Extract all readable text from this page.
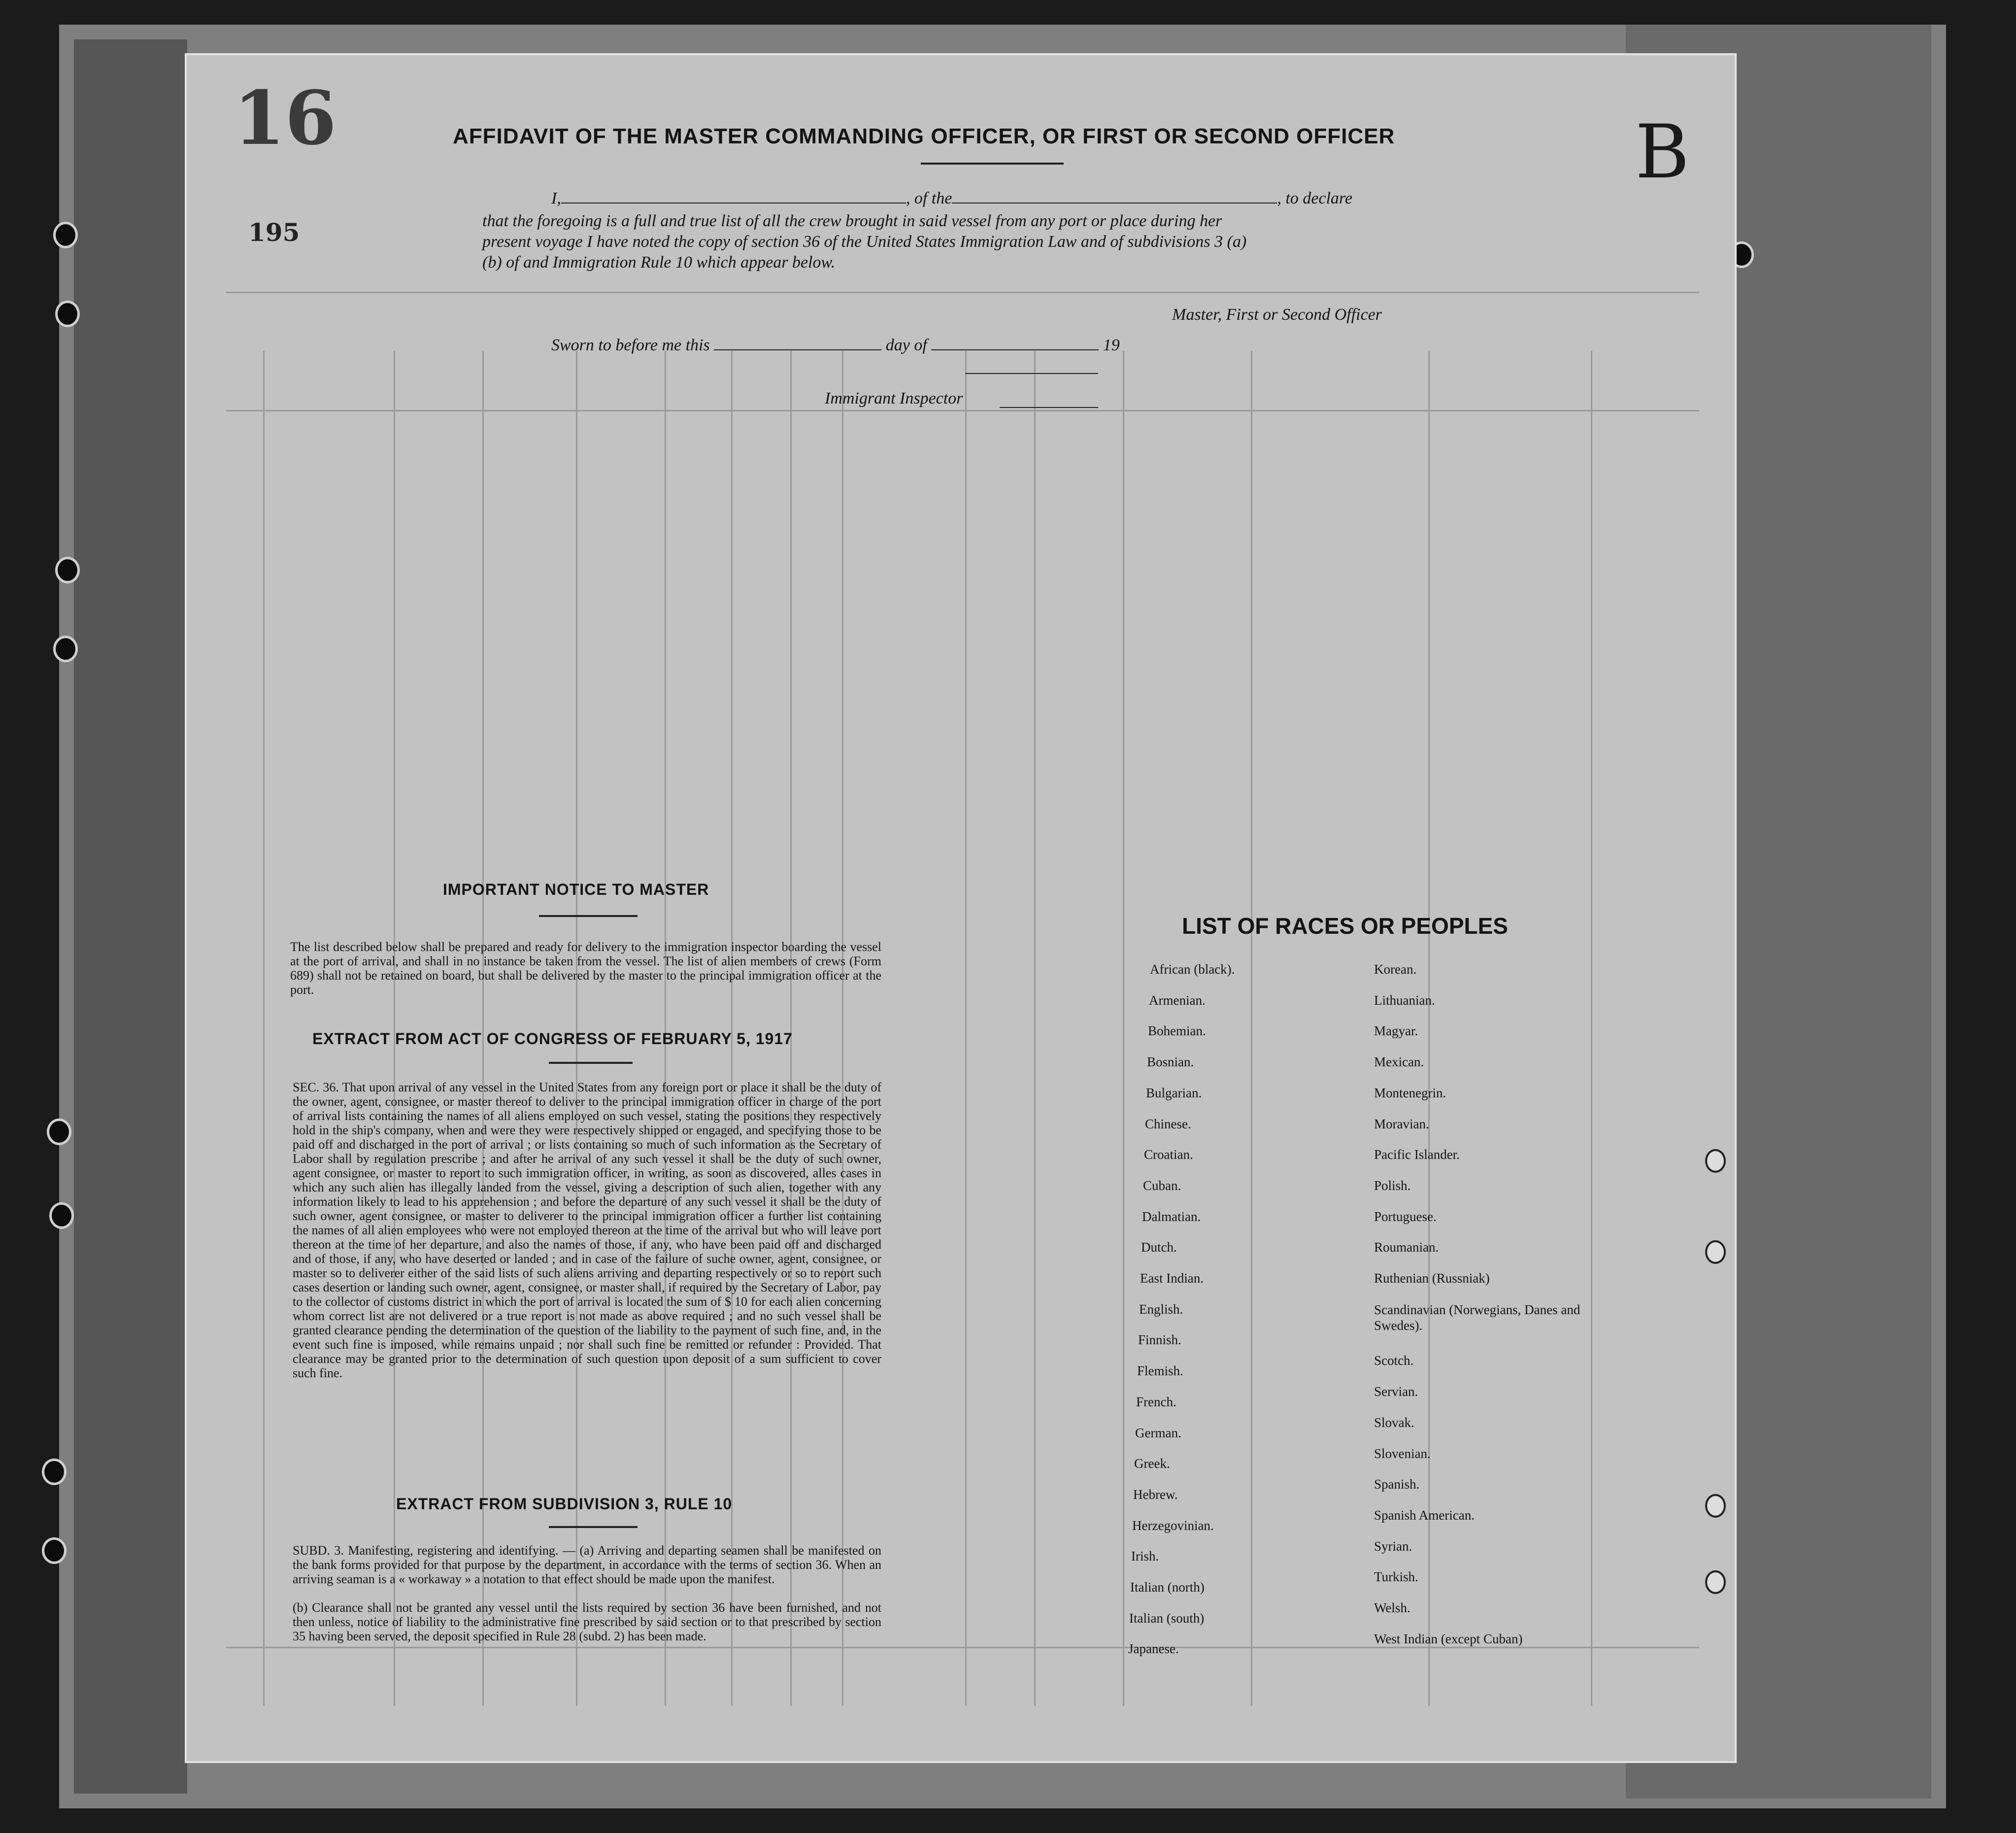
16
195
B
AFFIDAVIT OF THE MASTER COMMANDING OFFICER, OR FIRST OR SECOND OFFICER
I,	, of the	, to declare
that the foregoing is a full and true list of all the crew brought in said vessel from any port or place during her
present voyage I have noted the copy of section 36 of the United States Immigration Law and of subdivisions 3 (a)
(b) of and Immigration Rule 10 which appear below.
Master, First or Second Officer
Sworn to before me this	day of	19
Immigrant Inspector
IMPORTANT NOTICE TO MASTER
The list described below shall be prepared and ready for delivery to the immigration inspector boarding the vessel at the port of arrival, and shall in no instance be taken from the vessel. The list of alien members of crews (Form 689) shall not be retained on board, but shall be delivered by the master to the principal immigration officer at the port.
EXTRACT FROM ACT OF CONGRESS OF FEBRUARY 5, 1917
SEC. 36. That upon arrival of any vessel in the United States from any foreign port or place it shall be the duty of the owner, agent, consignee, or master thereof to deliver to the principal immigration officer in charge of the port of arrival lists containing the names of all aliens employed on such vessel, stating the positions they respectively hold in the ship's company, when and were they were respectively shipped or engaged, and specifying those to be paid off and discharged in the port of arrival ; or lists containing so much of such information as the Secretary of Labor shall by regulation prescribe ; and after he arrival of any such vessel it shall be the duty of such owner, agent consignee, or master to report to such immigration officer, in writing, as soon as discovered, alles cases in which any such alien has illegally landed from the vessel, giving a description of such alien, together with any information likely to lead to his apprehension ; and before the departure of any such vessel it shall be the duty of such owner, agent consignee, or master to deliverer to the principal immigration officer a further list containing the names of all alien employees who were not employed thereon at the time of the arrival but who will leave port thereon at the time of her departure, and also the names of those, if any, who have been paid off and discharged and of those, if any, who have deserted or landed ; and in case of the failure of suche owner, agent, consignee, or master so to deliverer either of the said lists of such aliens arriving and departing respectively or so to report such cases desertion or landing such owner, agent, consignee, or master shall, if required by the Secretary of Labor, pay to the collector of customs district in which the port of arrival is located the sum of $ 10 for each alien concerning whom correct list are not delivered or a true report is not made as above required ; and no such vessel shall be granted clearance pending the determination of the question of the liability to the payment of such fine, and, in the event such fine is imposed, while remains unpaid ; nor shall such fine be remitted or refunder : Provided. That clearance may be granted prior to the determination of such question upon deposit of a sum sufficient to cover such fine.
EXTRACT FROM SUBDIVISION 3, RULE 10
SUBD. 3. Manifesting, registering and identifying. — (a) Arriving and departing seamen shall be manifested on the bank forms provided for that purpose by the department, in accordance with the terms of section 36. When an arriving seaman is a « workaway » a notation to that effect should be made upon the manifest.
(b) Clearance shall not be granted any vessel until the lists required by section 36 have been furnished, and not then unless, notice of liability to the administrative fine prescribed by said section or to that prescribed by section 35 having been served, the deposit specified in Rule 28 (subd. 2) has been made.
LIST OF RACES OR PEOPLES
African (black).
Armenian.
Bohemian.
Bosnian.
Bulgarian.
Chinese.
Croatian.
Cuban.
Dalmatian.
Dutch.
East Indian.
English.
Finnish.
Flemish.
French.
German.
Greek.
Hebrew.
Herzegovinian.
Irish.
Italian (north)
Italian (south)
Japanese.
Korean.
Lithuanian.
Magyar.
Mexican.
Montenegrin.
Moravian.
Pacific Islander.
Polish.
Portuguese.
Roumanian.
Ruthenian (Russniak)
Scandinavian (Norwegians, Danes and Swedes).
Scotch.
Servian.
Slovak.
Slovenian.
Spanish.
Spanish American.
Syrian.
Turkish.
Welsh.
West Indian (except Cuban)
